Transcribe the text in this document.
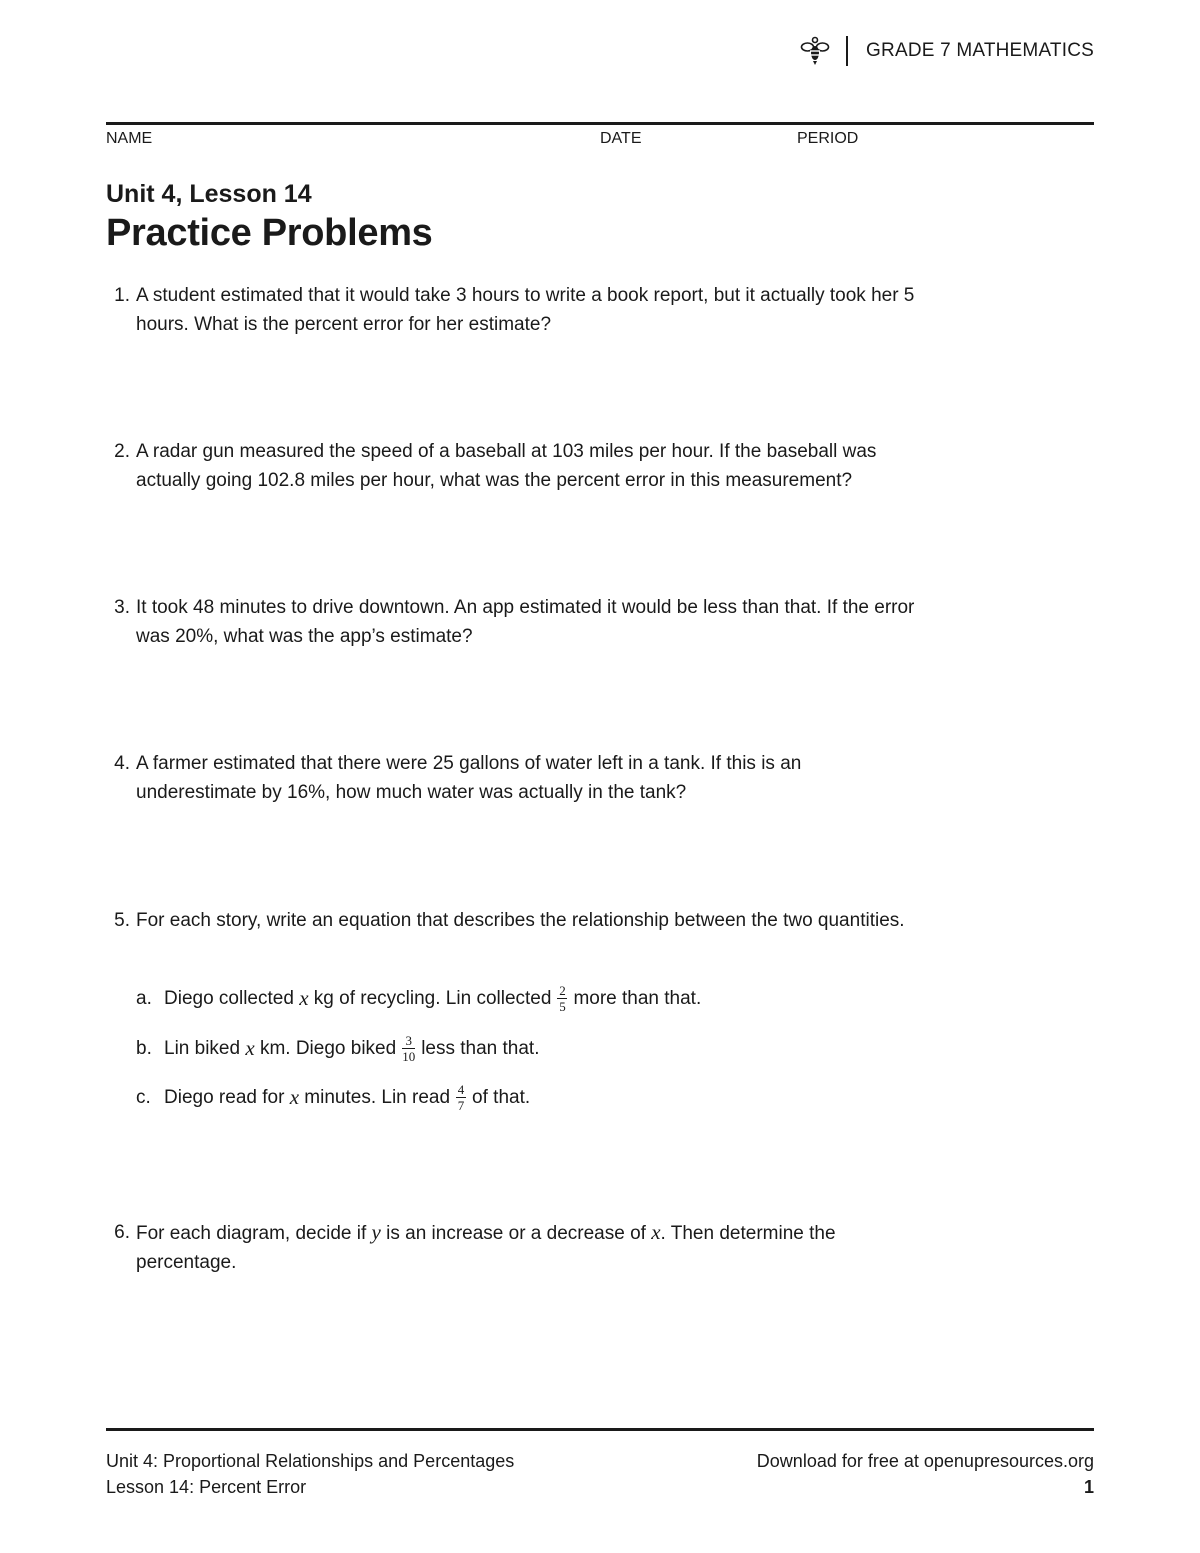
GRADE 7 MATHEMATICS
NAME	DATE	PERIOD
Unit 4, Lesson 14
Practice Problems
1. A student estimated that it would take 3 hours to write a book report, but it actually took her 5 hours. What is the percent error for her estimate?
2. A radar gun measured the speed of a baseball at 103 miles per hour. If the baseball was actually going 102.8 miles per hour, what was the percent error in this measurement?
3. It took 48 minutes to drive downtown. An app estimated it would be less than that. If the error was 20%, what was the app’s estimate?
4. A farmer estimated that there were 25 gallons of water left in a tank. If this is an underestimate by 16%, how much water was actually in the tank?
5. For each story, write an equation that describes the relationship between the two quantities.
a. Diego collected x kg of recycling. Lin collected $\frac{2}{5}$ more than that.
b. Lin biked x km. Diego biked $\frac{3}{10}$ less than that.
c. Diego read for x minutes. Lin read $\frac{4}{7}$ of that.
6. For each diagram, decide if y is an increase or a decrease of x. Then determine the percentage.
Unit 4: Proportional Relationships and Percentages
Lesson 14: Percent Error
Download for free at openupresources.org
1
